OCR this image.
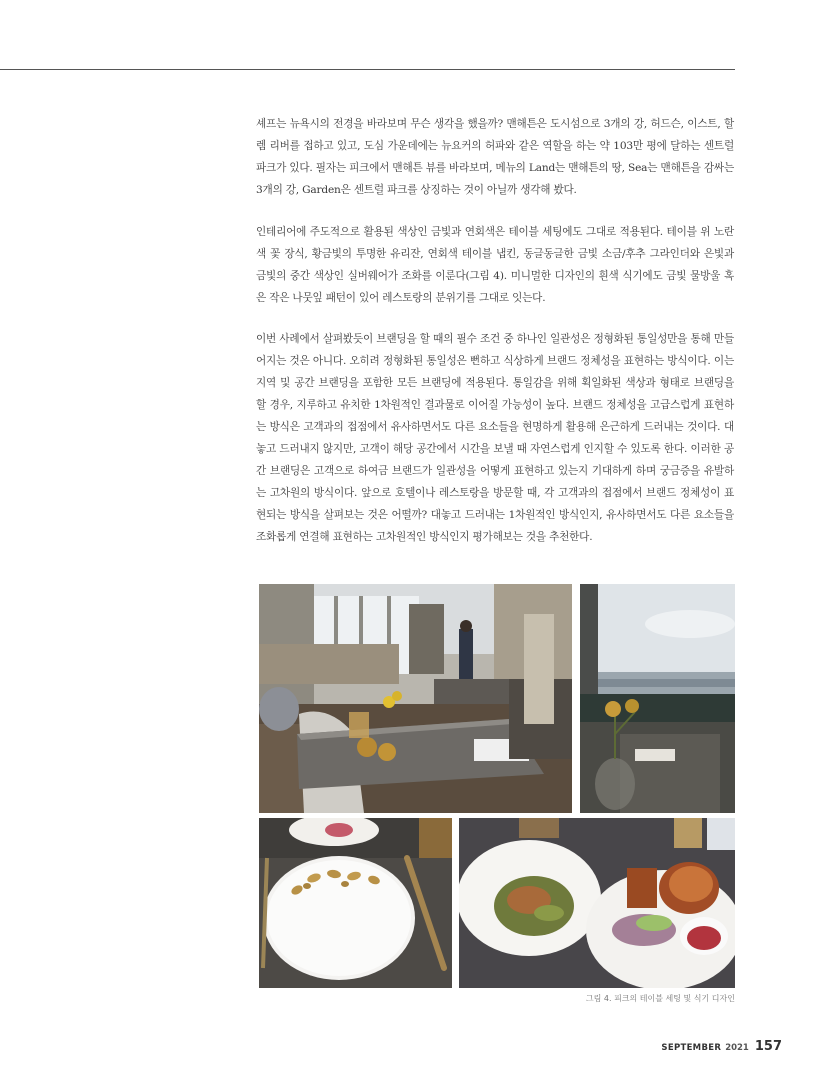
셰프는 뉴욕시의 전경을 바라보며 무슨 생각을 했을까? 맨해튼은 도시섬으로 3개의 강, 허드슨, 이스트, 할렘 리버를 접하고 있고, 도심 가운데에는 뉴요커의 허파와 같은 역할을 하는 약 103만 평에 달하는 센트럴 파크가 있다. 필자는 피크에서 맨해튼 뷰를 바라보며, 메뉴의 Land는 맨해튼의 땅, Sea는 맨해튼을 감싸는 3개의 강, Garden은 센트럴 파크를 상징하는 것이 아닐까 생각해 봤다.

인테리어에 주도적으로 활용된 색상인 금빛과 연회색은 테이블 세팅에도 그대로 적용된다. 테이블 위 노란색 꽃 장식, 황금빛의 투명한 유리잔, 연회색 테이블 냅킨, 동글동글한 금빛 소금/후추 그라인더와 은빛과 금빛의 중간 색상인 실버웨어가 조화를 이룬다(그림 4). 미니멀한 디자인의 흰색 식기에도 금빛 물방울 혹은 작은 나뭇잎 패턴이 있어 레스토랑의 분위기를 그대로 잇는다.

이번 사례에서 살펴봤듯이 브랜딩을 할 때의 필수 조건 중 하나인 일관성은 정형화된 통일성만을 통해 만들어지는 것은 아니다. 오히려 정형화된 통일성은 뻔하고 식상하게 브랜드 정체성을 표현하는 방식이다. 이는 지역 및 공간 브랜딩을 포함한 모든 브랜딩에 적용된다. 통일감을 위해 획일화된 색상과 형태로 브랜딩을 할 경우, 지루하고 유치한 1차원적인 결과물로 이어질 가능성이 높다. 브랜드 정체성을 고급스럽게 표현하는 방식은 고객과의 접점에서 유사하면서도 다른 요소들을 현명하게 활용해 은근하게 드러내는 것이다. 대놓고 드러내지 않지만, 고객이 해당 공간에서 시간을 보낼 때 자연스럽게 인지할 수 있도록 한다. 이러한 공간 브랜딩은 고객으로 하여금 브랜드가 일관성을 어떻게 표현하고 있는지 기대하게 하며 궁금증을 유발하는 고차원의 방식이다. 앞으로 호텔이나 레스토랑을 방문할 때, 각 고객과의 접점에서 브랜드 정체성이 표현되는 방식을 살펴보는 것은 어떨까? 대놓고 드러내는 1차원적인 방식인지, 유사하면서도 다른 요소들을 조화롭게 연결해 표현하는 고차원적인 방식인지 평가해보는 것을 추천한다.

그림 4. 피크의 테이블 세팅 및 식기 디자인
SEPTEMBER 2021 157
